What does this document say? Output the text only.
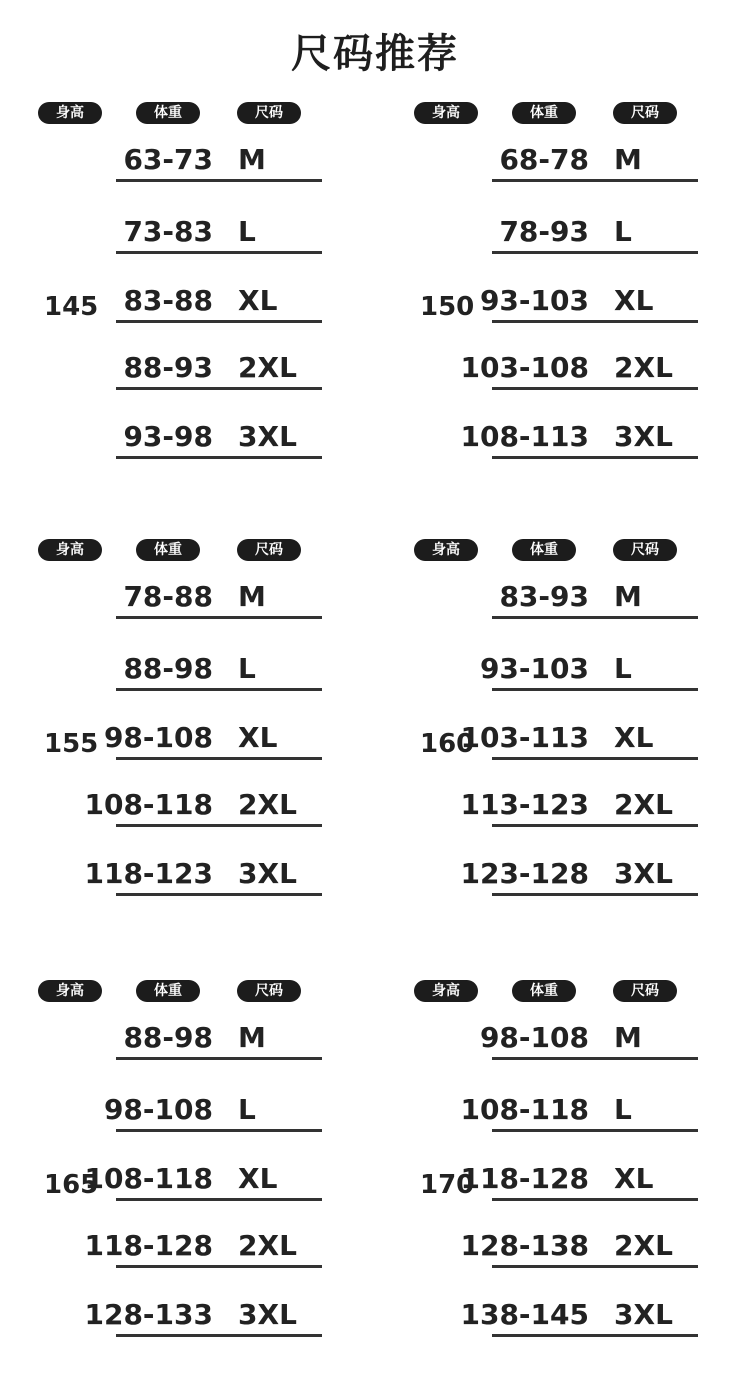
尺码推荐
身高	体重	尺码
145
63-73 M
73-83 L
83-88 XL
88-93 2XL
93-98 3XL
身高	体重	尺码
150
68-78 M
78-93 L
93-103 XL
103-108 2XL
108-113 3XL
身高	体重	尺码
155
78-88 M
88-98 L
98-108 XL
108-118 2XL
118-123 3XL
身高	体重	尺码
160
83-93 M
93-103 L
103-113 XL
113-123 2XL
123-128 3XL
身高	体重	尺码
165
88-98 M
98-108 L
108-118 XL
118-128 2XL
128-133 3XL
身高	体重	尺码
170
98-108 M
108-118 L
118-128 XL
128-138 2XL
138-145 3XL
